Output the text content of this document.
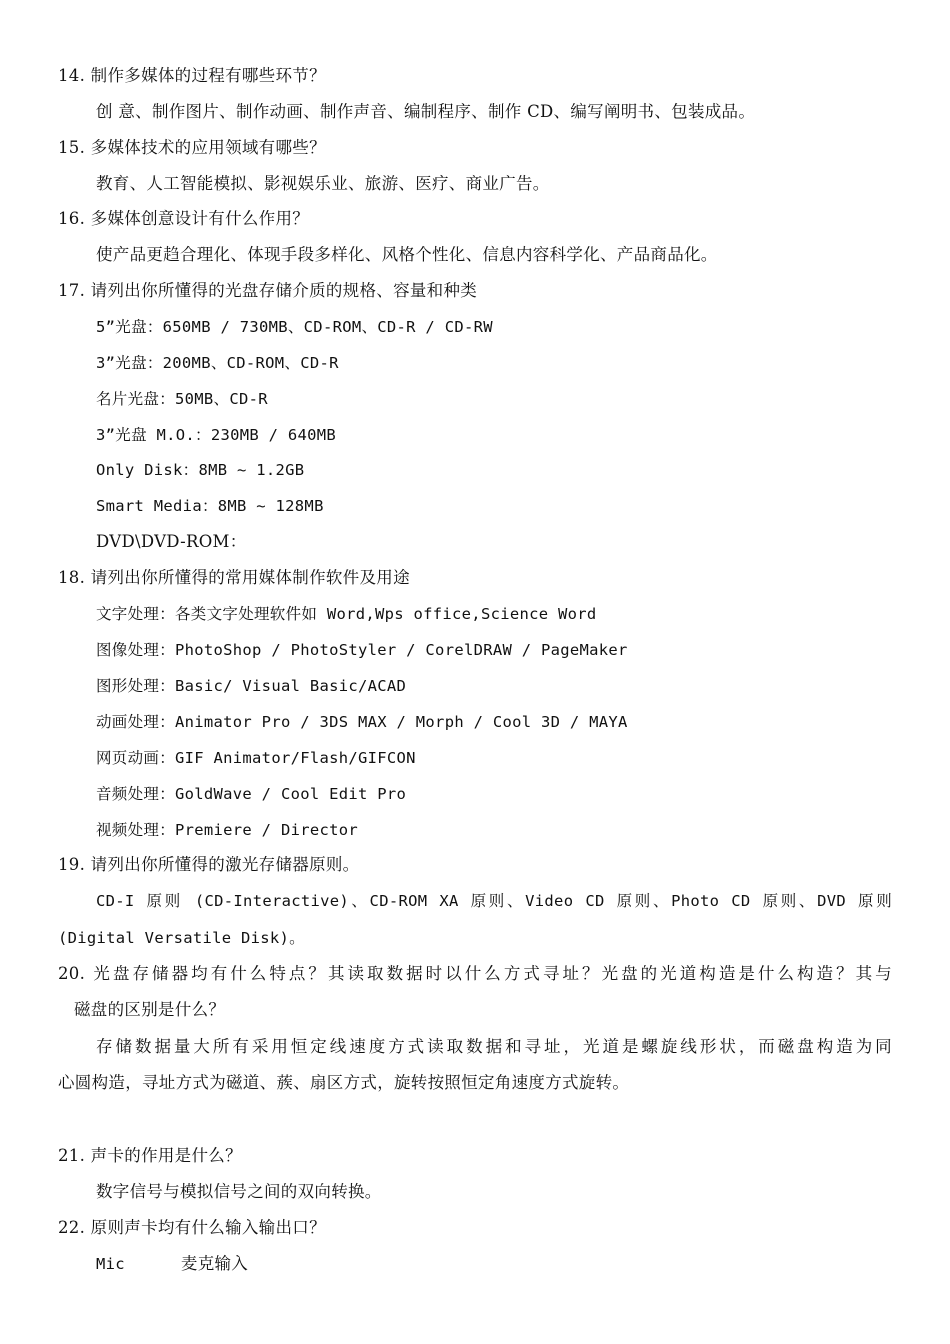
14. 制作多媒体的过程有哪些环节？
创 意、制作图片、制作动画、制作声音、编制程序、制作 CD、编写阐明书、包装成品。
15. 多媒体技术的应用领域有哪些？
教育、人工智能模拟、影视娱乐业、旅游、医疗、商业广告。
16. 多媒体创意设计有什么作用？
使产品更趋合理化、体现手段多样化、风格个性化、信息内容科学化、产品商品化。
17. 请列出你所懂得的光盘存储介质的规格、容量和种类
5”光盘：650MB / 730MB、CD-ROM、CD-R / CD-RW
3”光盘：200MB、CD-ROM、CD-R
名片光盘：50MB、CD-R
3”光盘 M.O.：230MB / 640MB
Only Disk：8MB ~ 1.2GB
Smart Media：8MB ~ 128MB
DVD\DVD-ROM：
18. 请列出你所懂得的常用媒体制作软件及用途
文字处理：各类文字处理软件如 Word,Wps office,Science Word
图像处理：PhotoShop / PhotoStyler / CorelDRAW / PageMaker
图形处理：Basic/ Visual Basic/ACAD
动画处理：Animator Pro / 3DS MAX / Morph / Cool 3D / MAYA
网页动画：GIF Animator/Flash/GIFCON
音频处理：GoldWave / Cool Edit Pro
视频处理：Premiere / Director
19. 请列出你所懂得的激光存储器原则。
CD-I 原则 (CD-Interactive)、CD-ROM XA 原则、Video CD 原则、Photo CD 原则、DVD 原则
(Digital Versatile Disk)。
20. 光盘存储器均有什么特点？其读取数据时以什么方式寻址？光盘的光道构造是什么构造？其与
磁盘的区别是什么？
存储数据量大所有采用恒定线速度方式读取数据和寻址，光道是螺旋线形状，而磁盘构造为同
心圆构造，寻址方式为磁道、蔟、扇区方式，旋转按照恒定角速度方式旋转。
21. 声卡的作用是什么？
数字信号与模拟信号之间的双向转换。
22. 原则声卡均有什么输入输出口？
Mic	麦克输入
